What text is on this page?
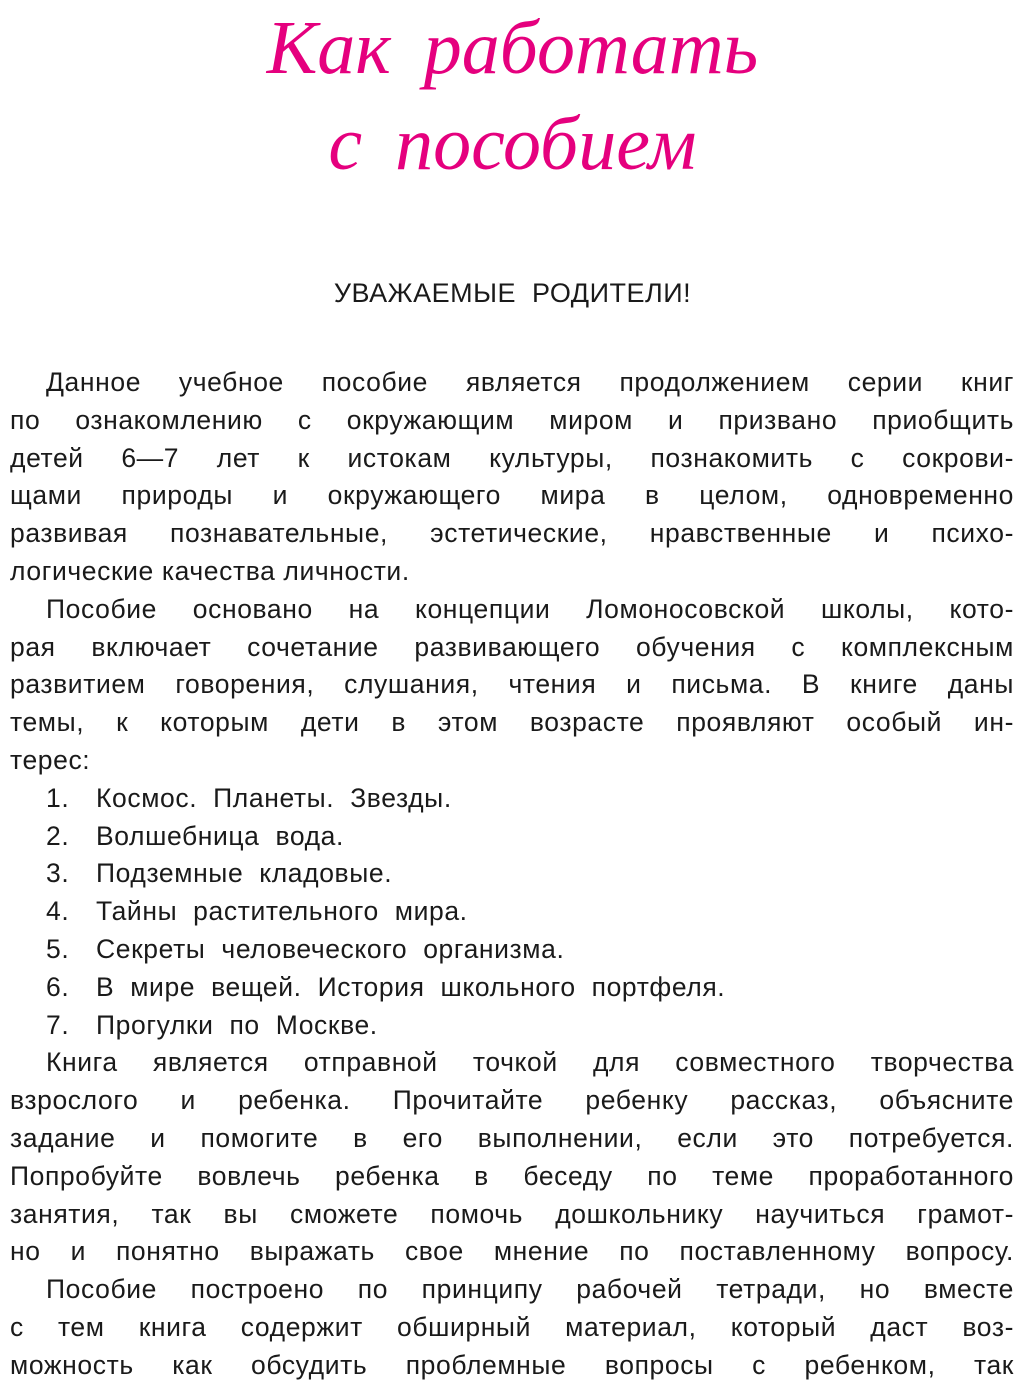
Как работать
с пособием
УВАЖАЕМЫЕ РОДИТЕЛИ!
Данное учебное пособие является продолжением серии книг
по ознакомлению с окружающим миром и призвано приобщить
детей 6—7 лет к истокам культуры, познакомить с сокрови-
щами природы и окружающего мира в целом, одновременно
развивая познавательные, эстетические, нравственные и психо-
логические качества личности.
Пособие основано на концепции Ломоносовской школы, кото-
рая включает сочетание развивающего обучения с комплексным
развитием говорения, слушания, чтения и письма. В книге даны
темы, к которым дети в этом возрасте проявляют особый ин-
терес:
1. Космос. Планеты. Звезды.
2. Волшебница вода.
3. Подземные кладовые.
4. Тайны растительного мира.
5. Секреты человеческого организма.
6. В мире вещей. История школьного портфеля.
7. Прогулки по Москве.
Книга является отправной точкой для совместного творчества
взрослого и ребенка. Прочитайте ребенку рассказ, объясните
задание и помогите в его выполнении, если это потребуется.
Попробуйте вовлечь ребенка в беседу по теме проработанного
занятия, так вы сможете помочь дошкольнику научиться грамот-
но и понятно выражать свое мнение по поставленному вопросу.
Пособие построено по принципу рабочей тетради, но вместе
с тем книга содержит обширный материал, который даст воз-
можность как обсудить проблемные вопросы с ребенком, так
